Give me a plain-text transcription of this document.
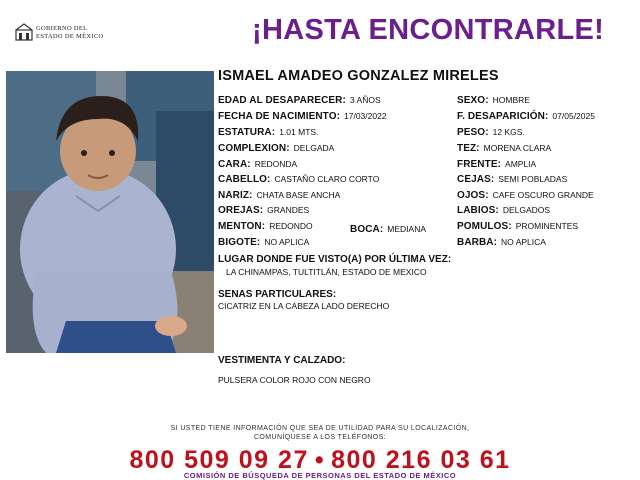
GOBIERNO DEL
ESTADO DE MÉXICO	¡HASTA ENCONTRARLE!
ISMAEL AMADEO GONZALEZ MIRELES
EDAD AL DESAPARECER: 3 AÑOS
FECHA DE NACIMIENTO: 17/03/2022
ESTATURA: 1.01 MTS.
COMPLEXION: DELGADA
CARA: REDONDA
CABELLO: CASTAÑO CLARO CORTO
NARIZ: CHATA BASE ANCHA
OREJAS: GRANDES
MENTON: REDONDO
BIGOTE: NO APLICA
BOCA: MEDIANA
SEXO: HOMBRE
F. DESAPARICIÓN: 07/05/2025
PESO: 12 KGS.
TEZ: MORENA CLARA
FRENTE: AMPLIA
CEJAS: SEMI POBLADAS
OJOS: CAFE OSCURO GRANDE
LABIOS: DELGADOS
POMULOS: PROMINENTES
BARBA: NO APLICA
LUGAR DONDE FUE VISTO(A) POR ÚLTIMA VEZ:
LA CHINAMPAS, TULTITLÁN, ESTADO DE MEXICO
SENAS PARTICULARES:
CICATRIZ EN LA CABEZA LADO DERECHO
VESTIMENTA Y CALZADO:
PULSERA COLOR ROJO CON NEGRO
SI USTED TIENE INFORMACIÓN QUE SEA DE UTILIDAD PARA SU LOCALIZACIÓN,
COMUNÍQUESE A LOS TELÉFONOS:
800 509 09 27 • 800 216 03 61
COMISIÓN DE BÚSQUEDA DE PERSONAS DEL ESTADO DE MÉXICO
